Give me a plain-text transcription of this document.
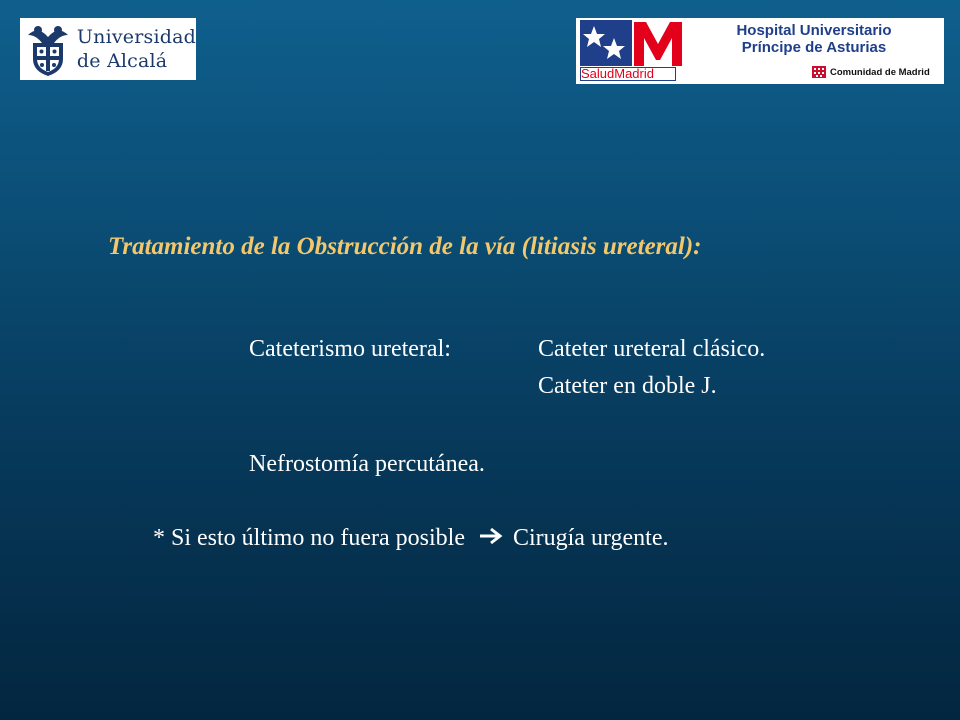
Universidad
de Alcalá
SaludMadrid
Hospital Universitario
Príncipe de Asturias
Comunidad de Madrid
Tratamiento de la Obstrucción de la vía (litiasis ureteral):
Cateterismo ureteral:	Cateter ureteral clásico.
Cateter en doble J.
Nefrostomía percutánea.
* Si esto último no fuera posible Cirugía urgente.
